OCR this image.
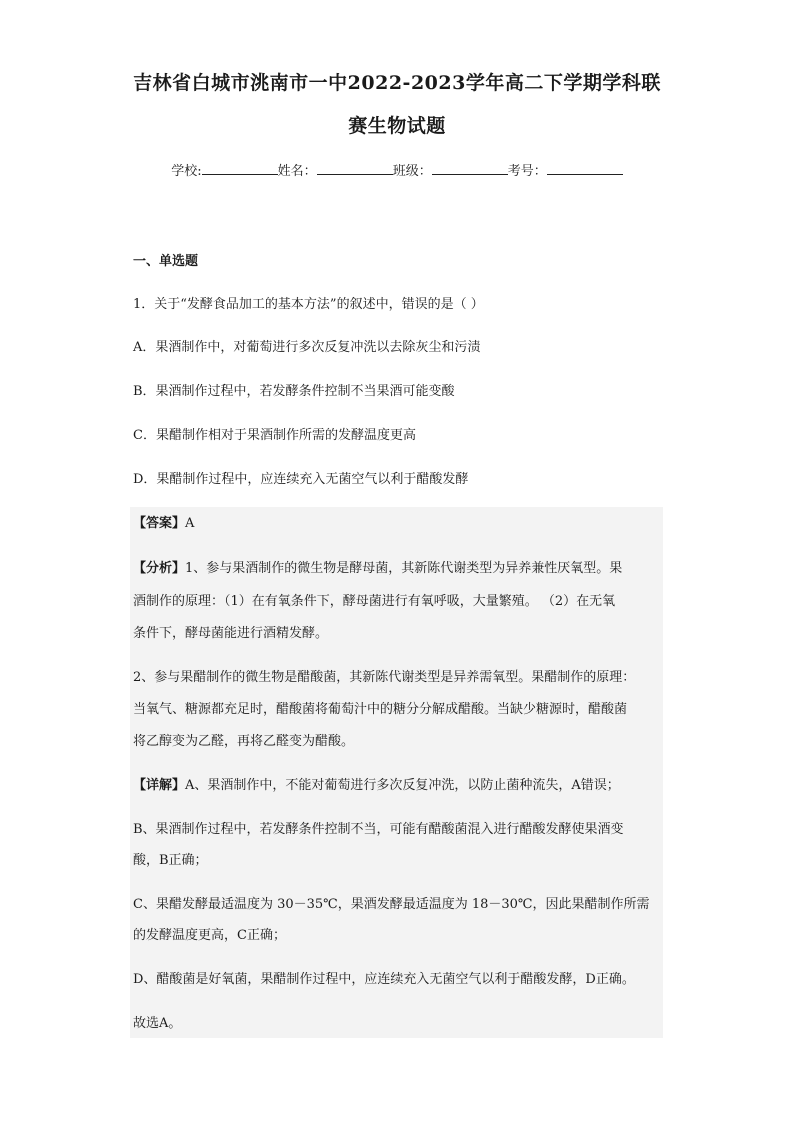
吉林省白城市洮南市一中2022-2023学年高二下学期学科联
赛生物试题
学校:	姓名：	班级：	考号：
一、单选题
1．关于“发酵食品加工的基本方法”的叙述中，错误的是（ ）
A．果酒制作中，对葡萄进行多次反复冲洗以去除灰尘和污渍
B．果酒制作过程中，若发酵条件控制不当果酒可能变酸
C．果醋制作相对于果酒制作所需的发酵温度更高
D．果醋制作过程中，应连续充入无菌空气以利于醋酸发酵
【答案】A
【分析】1、参与果酒制作的微生物是酵母菌，其新陈代谢类型为异养兼性厌氧型。果
酒制作的原理：（1）在有氧条件下，酵母菌进行有氧呼吸，大量繁殖。 （2）在无氧
条件下，酵母菌能进行酒精发酵。
2、参与果醋制作的微生物是醋酸菌，其新陈代谢类型是异养需氧型。果醋制作的原理：
当氧气、糖源都充足时，醋酸菌将葡萄汁中的糖分分解成醋酸。当缺少糖源时，醋酸菌
将乙醇变为乙醛，再将乙醛变为醋酸。
【详解】A、果酒制作中，不能对葡萄进行多次反复冲洗，以防止菌种流失，A错误；
B、果酒制作过程中，若发酵条件控制不当，可能有醋酸菌混入进行醋酸发酵使果酒变
酸，B正确；
C、果醋发酵最适温度为 30－35℃，果酒发酵最适温度为 18－30℃，因此果醋制作所需
的发酵温度更高，C正确；
D、醋酸菌是好氧菌，果醋制作过程中，应连续充入无菌空气以利于醋酸发酵，D正确。
故选A。
